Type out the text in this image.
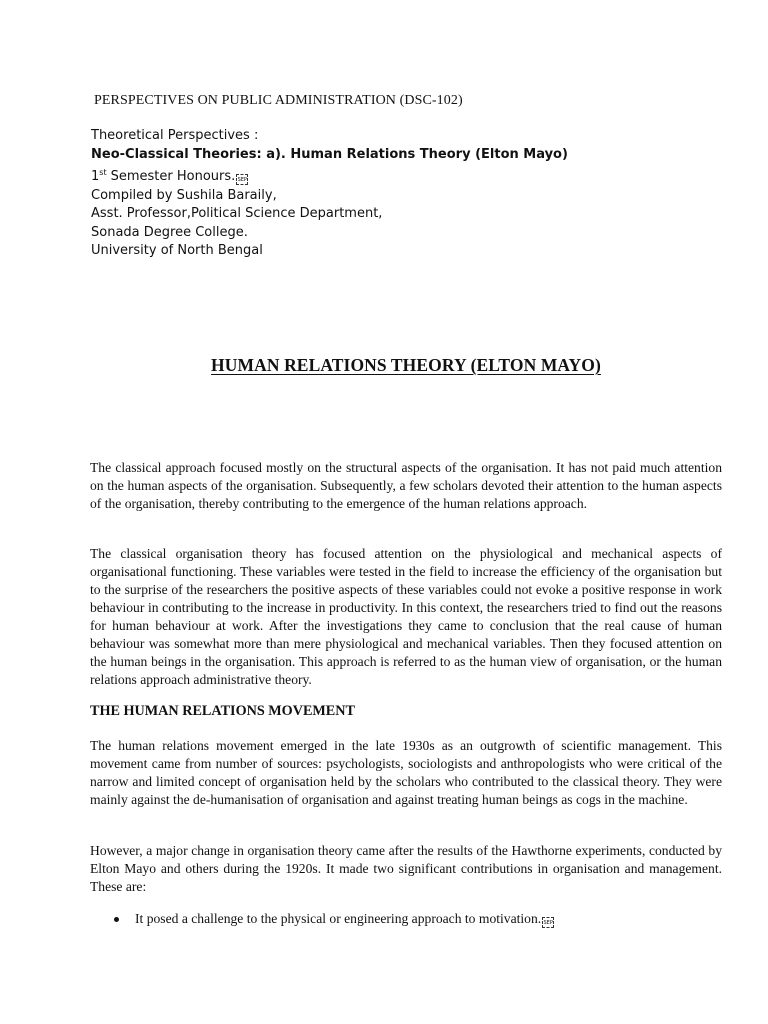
PERSPECTIVES ON PUBLIC ADMINISTRATION (DSC-102)
Theoretical Perspectives :
Neo-Classical Theories: a). Human Relations Theory (Elton Mayo)
1st Semester Honours. SEP
Compiled by Sushila Baraily,
Asst. Professor,Political Science Department,
Sonada Degree College.
University of North Bengal
HUMAN RELATIONS THEORY (ELTON MAYO)

The classical approach focused mostly on the structural aspects of the organisation. It has not paid much attention on the human aspects of the organisation. Subsequently, a few scholars devoted their attention to the human aspects of the organisation, thereby contributing to the emergence of the human relations approach.

The classical organisation theory has focused attention on the physiological and mechanical aspects of organisational functioning. These variables were tested in the field to increase the efficiency of the organisation but to the surprise of the researchers the positive aspects of these variables could not evoke a positive response in work behaviour in contributing to the increase in productivity. In this context, the researchers tried to find out the reasons for human behaviour at work. After the investigations they came to conclusion that the real cause of human behaviour was somewhat more than mere physiological and mechanical variables. Then they focused attention on the human beings in the organisation. This approach is referred to as the human view of organisation, or the human relations approach administrative theory.

THE HUMAN RELATIONS MOVEMENT

The human relations movement emerged in the late 1930s as an outgrowth of scientific management. This movement came from number of sources: psychologists, sociologists and anthropologists who were critical of the narrow and limited concept of organisation held by the scholars who contributed to the classical theory. They were mainly against the de-humanisation of organisation and against treating human beings as cogs in the machine.

However, a major change in organisation theory came after the results of the Hawthorne experiments, conducted by Elton Mayo and others during the 1920s. It made two significant contributions in organisation and management. These are:

It posed a challenge to the physical or engineering approach to motivation. SEP
